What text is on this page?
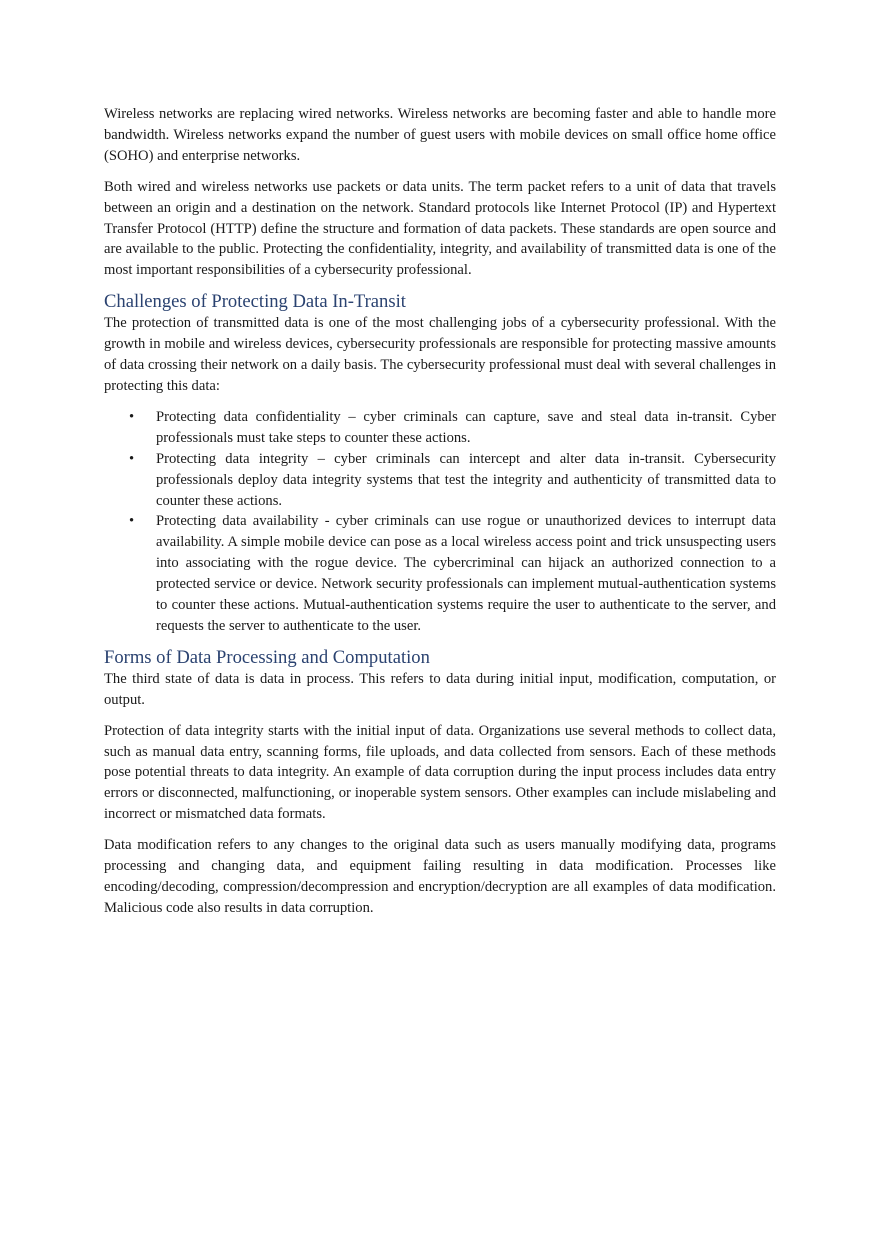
Wireless networks are replacing wired networks. Wireless networks are becoming faster and able to handle more bandwidth. Wireless networks expand the number of guest users with mobile devices on small office home office (SOHO) and enterprise networks.

Both wired and wireless networks use packets or data units. The term packet refers to a unit of data that travels between an origin and a destination on the network. Standard protocols like Internet Protocol (IP) and Hypertext Transfer Protocol (HTTP) define the structure and formation of data packets. These standards are open source and are available to the public. Protecting the confidentiality, integrity, and availability of transmitted data is one of the most important responsibilities of a cybersecurity professional.

Challenges of Protecting Data In-Transit

The protection of transmitted data is one of the most challenging jobs of a cybersecurity professional. With the growth in mobile and wireless devices, cybersecurity professionals are responsible for protecting massive amounts of data crossing their network on a daily basis. The cybersecurity professional must deal with several challenges in protecting this data:

• Protecting data confidentiality – cyber criminals can capture, save and steal data in-transit. Cyber professionals must take steps to counter these actions.
• Protecting data integrity – cyber criminals can intercept and alter data in-transit. Cybersecurity professionals deploy data integrity systems that test the integrity and authenticity of transmitted data to counter these actions.
• Protecting data availability - cyber criminals can use rogue or unauthorized devices to interrupt data availability. A simple mobile device can pose as a local wireless access point and trick unsuspecting users into associating with the rogue device. The cybercriminal can hijack an authorized connection to a protected service or device. Network security professionals can implement mutual-authentication systems to counter these actions. Mutual-authentication systems require the user to authenticate to the server, and requests the server to authenticate to the user.
Forms of Data Processing and Computation

The third state of data is data in process. This refers to data during initial input, modification, computation, or output.

Protection of data integrity starts with the initial input of data. Organizations use several methods to collect data, such as manual data entry, scanning forms, file uploads, and data collected from sensors. Each of these methods pose potential threats to data integrity. An example of data corruption during the input process includes data entry errors or disconnected, malfunctioning, or inoperable system sensors. Other examples can include mislabeling and incorrect or mismatched data formats.

Data modification refers to any changes to the original data such as users manually modifying data, programs processing and changing data, and equipment failing resulting in data modification. Processes like encoding/decoding, compression/decompression and encryption/decryption are all examples of data modification. Malicious code also results in data corruption.
